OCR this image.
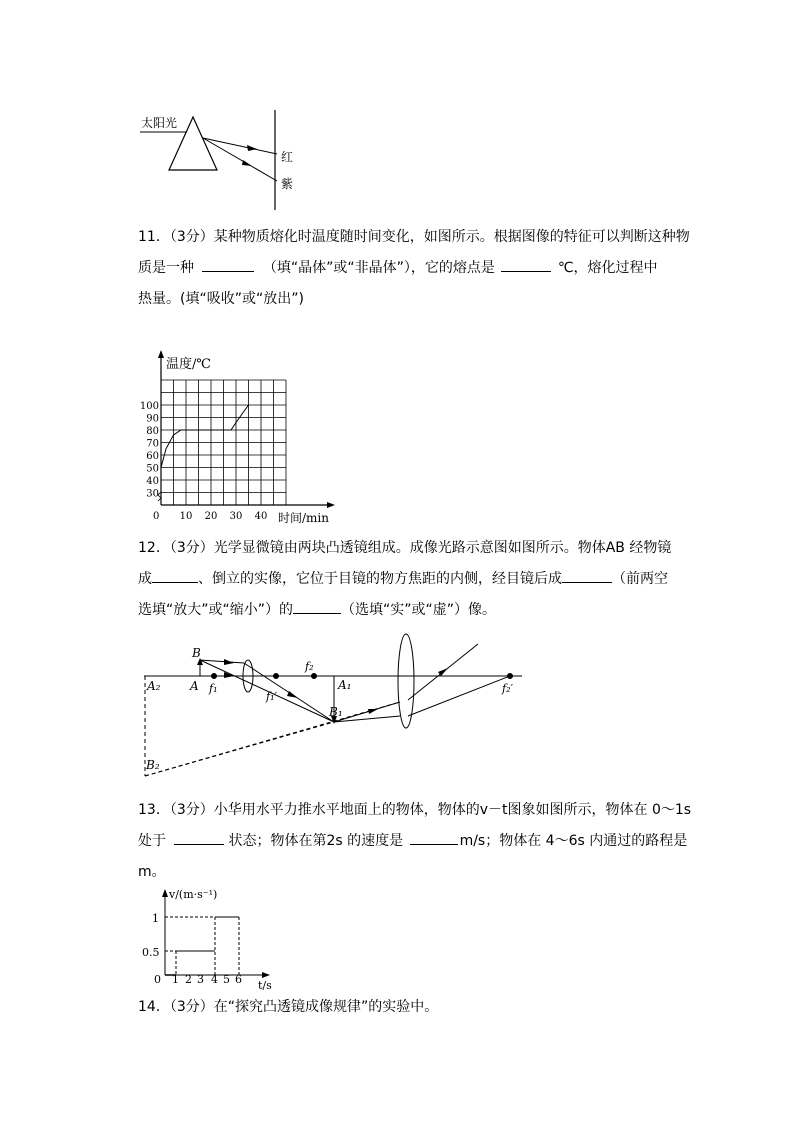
太阳光
红
紫
11．（3分）某种物质熔化时温度随时间变化，如图所示。根据图像的特征可以判断这种物
质是一种	（填“晶体”或“非晶体”），它的熔点是	℃，熔化过程中
热量。(填“吸收”或“放出”)
30
40
50
60
70
80
90
100
0 10 20 30 40
温度/℃
时间/min
12．（3分）光学显微镜由两块凸透镜组成。成像光路示意图如图所示。物体AB 经物镜
成	、倒立的实像，它位于目镜的物方焦距的内侧，经目镜后成	（前两空
选填“放大”或“缩小”）的	（选填“实”或“虚”）像。
B
A f₁
f₁′
f₂
A₁
B₁
A₂
B₂
f₂′
13．（3分）小华用水平力推水平地面上的物体，物体的v－t图象如图所示，物体在 0～1s
处于	状态；物体在第2s 的速度是	m/s；物体在 4～6s 内通过的路程是
m。
v/(m·s⁻¹)
t/s
1
0.5
0 1 2 3 4 5 6
14．（3分）在“探究凸透镜成像规律”的实验中。
